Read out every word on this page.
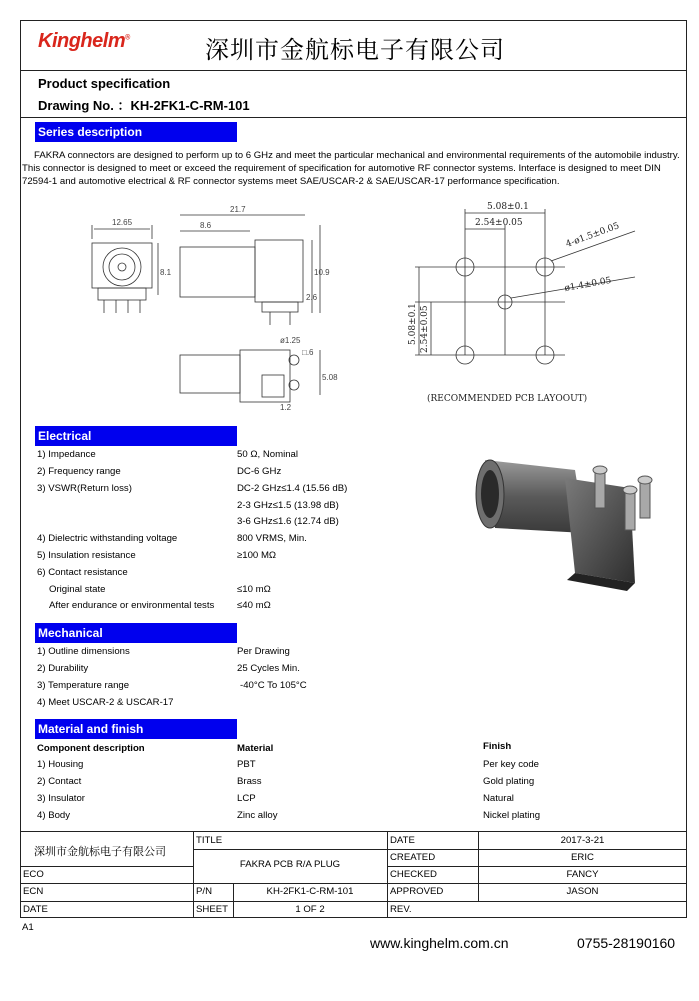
Kinghelm®	深圳市金航标电子有限公司
Product specification
Drawing No. ：KH-2FK1-C-RM-101
Series description
FAKRA connectors are designed to perform up to 6 GHz and meet the particular mechanical and environmental requirements of the automobile industry. This connector is designed to meet or exceed the requirement of specification for automotive RF connector systems. Interface is designed to meet DIN 72594-1 and automotive electrical & RF connector systems meet SAE/USCAR-2 & SAE/USCAR-17 performance specification.
12.65
8.1
21.7
8.6
10.9
2.6
ø1.25
□.6
5.08
1.2
5.08±0.1
2.54±0.05	4-ø1.5±0.05
ø1.4±0.05
5.08±0.1 2.54±0.05
(RECOMMENDED PCB LAYOOUT)
Electrical
1) Impedance	50 Ω, Nominal
2) Frequency range	DC-6 GHz
3) VSWR(Return loss)	DC-2 GHz≤1.4 (15.56 dB)
2-3 GHz≤1.5 (13.98 dB)
3-6 GHz≤1.6 (12.74 dB)
4) Dielectric withstanding voltage	800 VRMS, Min.
5) Insulation resistance	≥100 MΩ
6) Contact resistance
Original state	≤10 mΩ
After endurance or environmental tests ≤40 mΩ
Mechanical
1) Outline dimensions	Per Drawing
2) Durability	25 Cycles Min.
3) Temperature range	-40°C To 105°C
4) Meet USCAR-2 & USCAR-17
Material and finish
Component description	Material	Finish
1) Housing	PBT	Per key code
2) Contact	Brass	Gold plating
3) Insulator	LCP	Natural
4) Body	Zinc alloy	Nickel plating
深圳市金航标电子有限公司
TITLE
FAKRA PCB R/A PLUG
ECO
ECN
DATE
P/N	KH-2FK1-C-RM-101
SHEET	1 OF 2
DATE	2017-3-21
CREATED	ERIC
CHECKED	FANCY
APPROVED	JASON
REV.
A1
www.kinghelm.com.cn	0755-28190160
